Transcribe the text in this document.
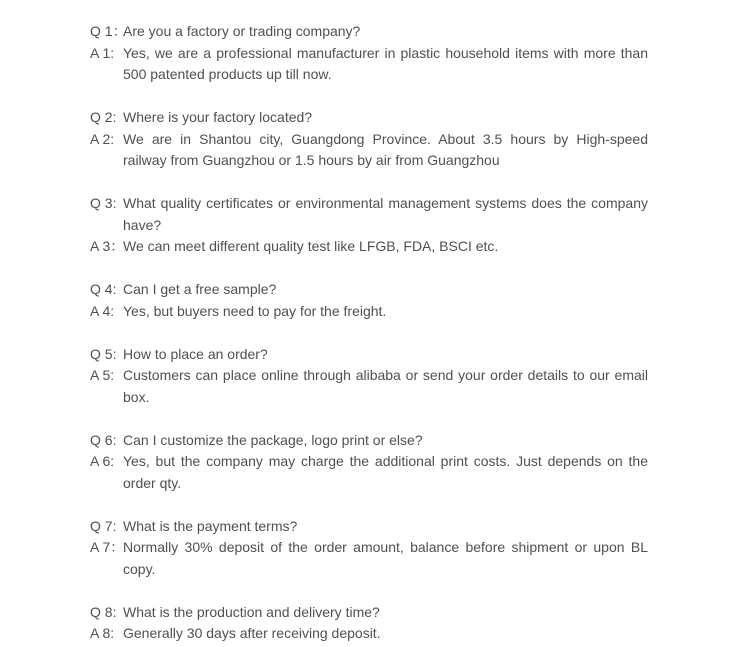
Q 1：
Are you a factory or trading company?
A 1: Yes, we are a professional manufacturer in plastic household items with more than 500 patented products up till now.
Q 2: Where is your factory located?
A 2: We are in Shantou city, Guangdong Province. About 3.5 hours by High-speed railway from Guangzhou or 1.5 hours by air from Guangzhou
Q 3: What quality certificates or environmental management systems does the company have?
A 3：
We can meet different quality test like LFGB, FDA, BSCI etc.
Q 4: Can I get a free sample?
A 4: Yes, but buyers need to pay for the freight.
Q 5: How to place an order?
A 5: Customers can place online through alibaba or send your order details to our email box.
Q 6: Can I customize the package, logo print or else?
A 6: Yes, but the company may charge the additional print costs. Just depends on the order qty.
Q 7: What is the payment terms?
A 7：
Normally 30% deposit of the order amount, balance before shipment or upon BL copy.
Q 8: What is the production and delivery time?
A 8: Generally 30 days after receiving deposit.
